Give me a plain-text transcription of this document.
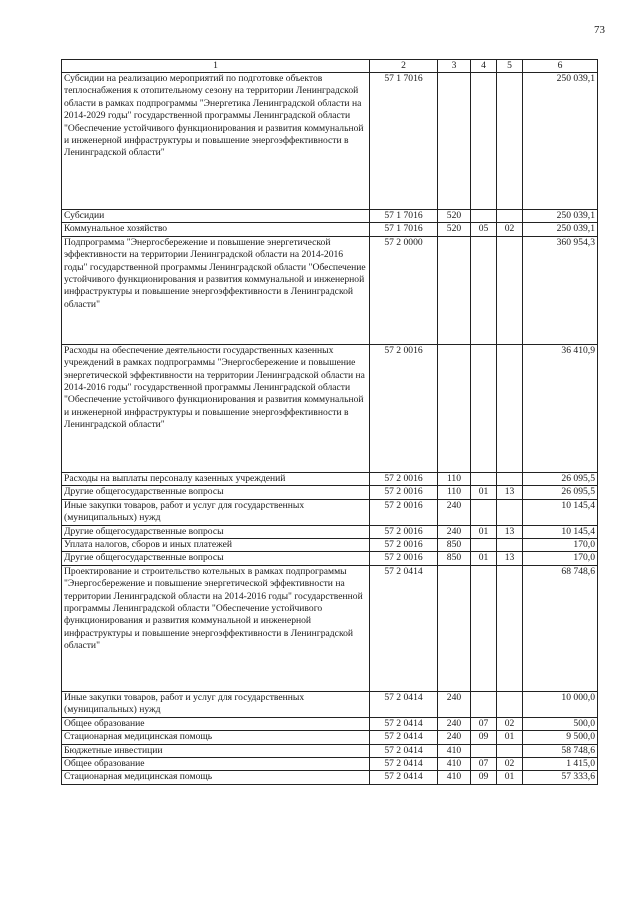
73
1	2	3	4	5	6
Субсидии на реализацию мероприятий по подготовке объектов теплоснабжения к отопительному сезону на территории Ленинградской области в рамках подпрограммы "Энергетика Ленинградской области на 2014-2029 годы" государственной программы Ленинградской области "Обеспечение устойчивого функционирования и развития коммунальной и инженерной инфраструктуры и повышение энергоэффективности в Ленинградской области"	57 1 7016				250 039,1
Субсидии	57 1 7016	520			250 039,1
Коммунальное хозяйство	57 1 7016	520	05	02	250 039,1
Подпрограмма "Энергосбережение и повышение энергетической эффективности на территории Ленинградской области на 2014-2016 годы" государственной программы Ленинградской области "Обеспечение устойчивого функционирования и развития коммунальной и инженерной инфраструктуры и повышение энергоэффективности в Ленинградской области"	57 2 0000				360 954,3
Расходы на обеспечение деятельности государственных казенных учреждений в рамках подпрограммы "Энергосбережение и повышение энергетической эффективности на территории Ленинградской области на 2014-2016 годы" государственной программы Ленинградской области "Обеспечение устойчивого функционирования и развития коммунальной и инженерной инфраструктуры и повышение энергоэффективности в Ленинградской области"	57 2 0016				36 410,9
Расходы на выплаты персоналу казенных учреждений	57 2 0016	110			26 095,5
Другие общегосударственные вопросы	57 2 0016	110	01	13	26 095,5
Иные закупки товаров, работ и услуг для государственных (муниципальных) нужд	57 2 0016	240			10 145,4
Другие общегосударственные вопросы	57 2 0016	240	01	13	10 145,4
Уплата налогов, сборов и иных платежей	57 2 0016	850			170,0
Другие общегосударственные вопросы	57 2 0016	850	01	13	170,0
Проектирование и строительство котельных в рамках подпрограммы "Энергосбережение и повышение энергетической эффективности на территории Ленинградской области на 2014-2016 годы" государственной программы Ленинградской области "Обеспечение устойчивого функционирования и развития коммунальной и инженерной инфраструктуры и повышение энергоэффективности в Ленинградской области"	57 2 0414				68 748,6
Иные закупки товаров, работ и услуг для государственных (муниципальных) нужд	57 2 0414	240			10 000,0
Общее образование	57 2 0414	240	07	02	500,0
Стационарная медицинская помощь	57 2 0414	240	09	01	9 500,0
Бюджетные инвестиции	57 2 0414	410			58 748,6
Общее образование	57 2 0414	410	07	02	1 415,0
Стационарная медицинская помощь	57 2 0414	410	09	01	57 333,6
